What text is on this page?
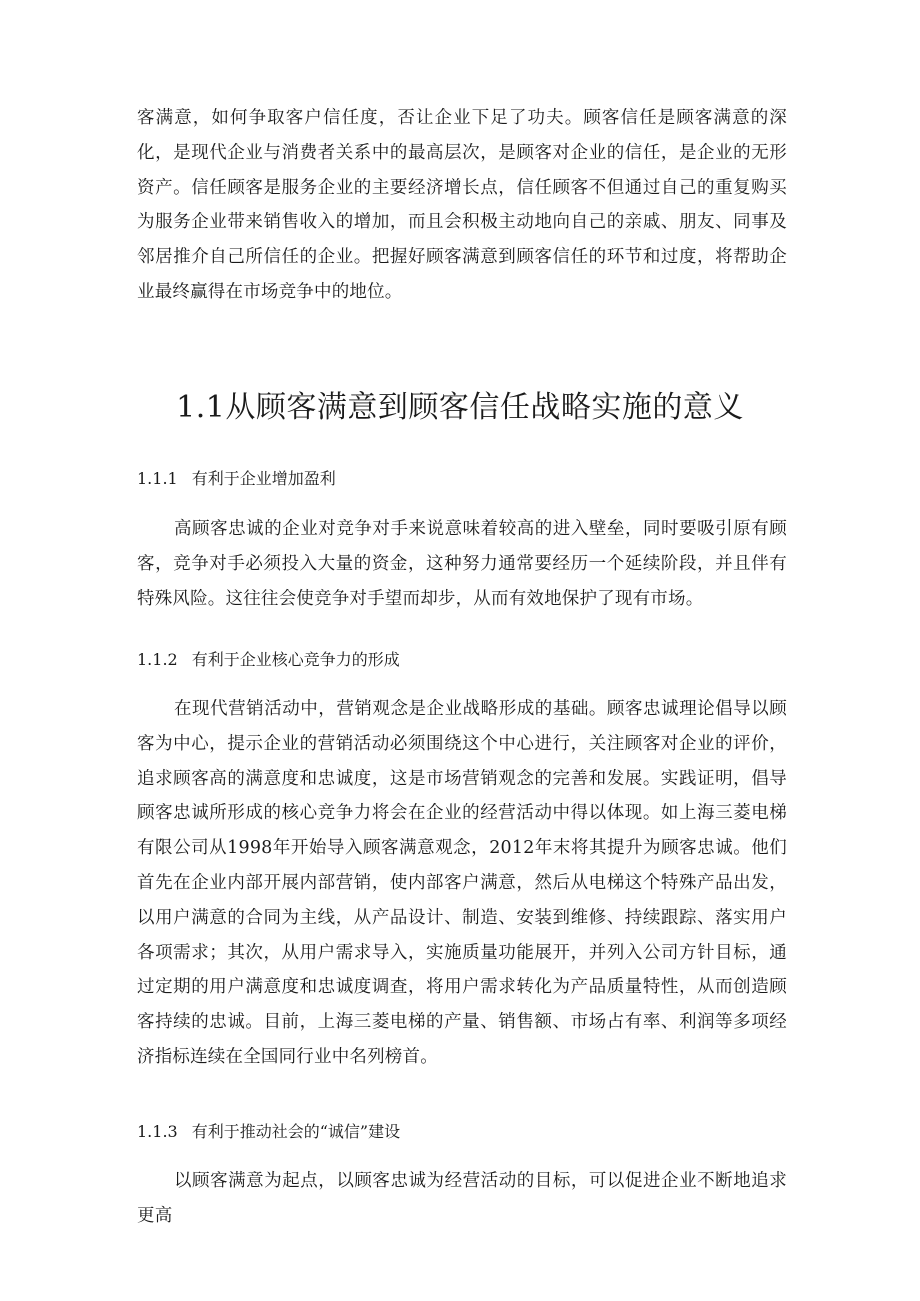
客满意，如何争取客户信任度，否让企业下足了功夫。顾客信任是顾客满意的深化，是现代企业与消费者关系中的最高层次，是顾客对企业的信任，是企业的无形资产。信任顾客是服务企业的主要经济增长点，信任顾客不但通过自己的重复购买为服务企业带来销售收入的增加，而且会积极主动地向自己的亲戚、朋友、同事及邻居推介自己所信任的企业。把握好顾客满意到顾客信任的环节和过度，将帮助企业最终赢得在市场竞争中的地位。

1.1从顾客满意到顾客信任战略实施的意义
1.1.1 有利于企业增加盈利

高顾客忠诚的企业对竞争对手来说意味着较高的进入壁垒，同时要吸引原有顾客，竞争对手必须投入大量的资金，这种努力通常要经历一个延续阶段，并且伴有特殊风险。这往往会使竞争对手望而却步，从而有效地保护了现有市场。

1.1.2 有利于企业核心竞争力的形成

在现代营销活动中，营销观念是企业战略形成的基础。顾客忠诚理论倡导以顾客为中心，提示企业的营销活动必须围绕这个中心进行，关注顾客对企业的评价，追求顾客高的满意度和忠诚度，这是市场营销观念的完善和发展。实践证明，倡导顾客忠诚所形成的核心竞争力将会在企业的经营活动中得以体现。如上海三菱电梯有限公司从1998年开始导入顾客满意观念，2012年末将其提升为顾客忠诚。他们首先在企业内部开展内部营销，使内部客户满意，然后从电梯这个特殊产品出发，以用户满意的合同为主线，从产品设计、制造、安装到维修、持续跟踪、落实用户各项需求；其次，从用户需求导入，实施质量功能展开，并列入公司方针目标，通过定期的用户满意度和忠诚度调查，将用户需求转化为产品质量特性，从而创造顾客持续的忠诚。目前，上海三菱电梯的产量、销售额、市场占有率、利润等多项经济指标连续在全国同行业中名列榜首。

1.1.3 有利于推动社会的“诚信”建设

以顾客满意为起点，以顾客忠诚为经营活动的目标，可以促进企业不断地追求更高
